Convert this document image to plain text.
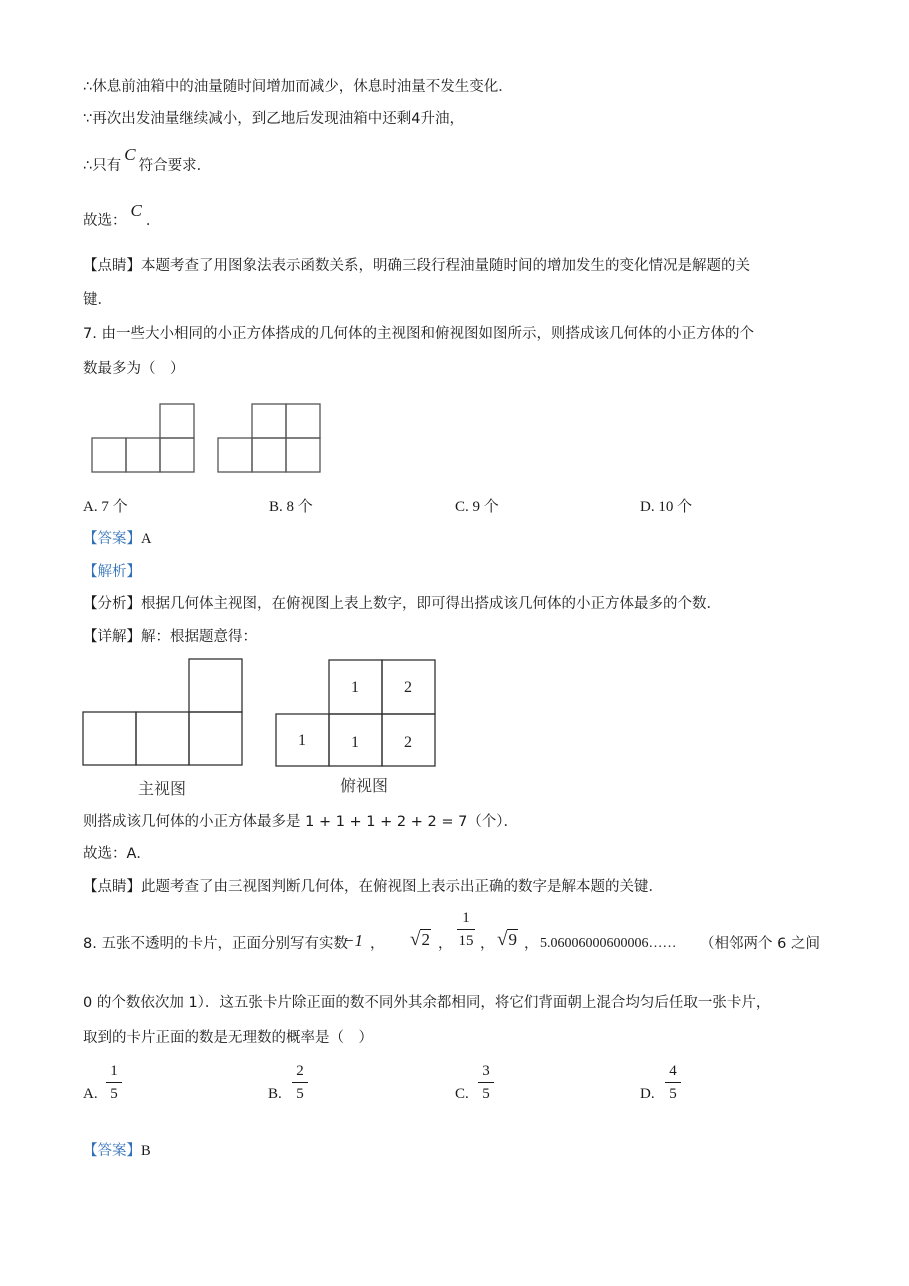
∴休息前油箱中的油量随时间增加而减少，休息时油量不发生变化．
∵再次出发油量继续减小，到乙地后发现油箱中还剩4升油，
∴只有C符合要求．
故选：C．
【点睛】本题考查了用图象法表示函数关系，明确三段行程油量随时间的增加发生的变化情况是解题的关
键．
7. 由一些大小相同的小正方体搭成的几何体的主视图和俯视图如图所示，则搭成该几何体的小正方体的个
数最多为（　）
A. 7 个	B. 8 个	C. 9 个	D. 10 个
【答案】A
【解析】
【分析】根据几何体主视图，在俯视图上表上数字，即可得出搭成该几何体的小正方体最多的个数．
【详解】解：根据题意得：
1	2
1	1	2
主视图	俯视图
则搭成该几何体的小正方体最多是 1 + 1 + 1 + 2 + 2 = 7（个）．
故选：A．
【点睛】此题考查了由三视图判断几何体，在俯视图上表示出正确的数字是解本题的关键．
8. 五张不透明的卡片，正面分别写有实数
−1 ， √2 ，
1
15 ， √9 ， 5.06006000600006…… （相邻两个 6 之间
0 的个数依次加 1）．这五张卡片除正面的数不同外其余都相同，将它们背面朝上混合均匀后任取一张卡片，
取到的卡片正面的数是无理数的概率是（　）
A.
1
5	B.
2
5	C.
3
5	D.
4
5
【答案】B
